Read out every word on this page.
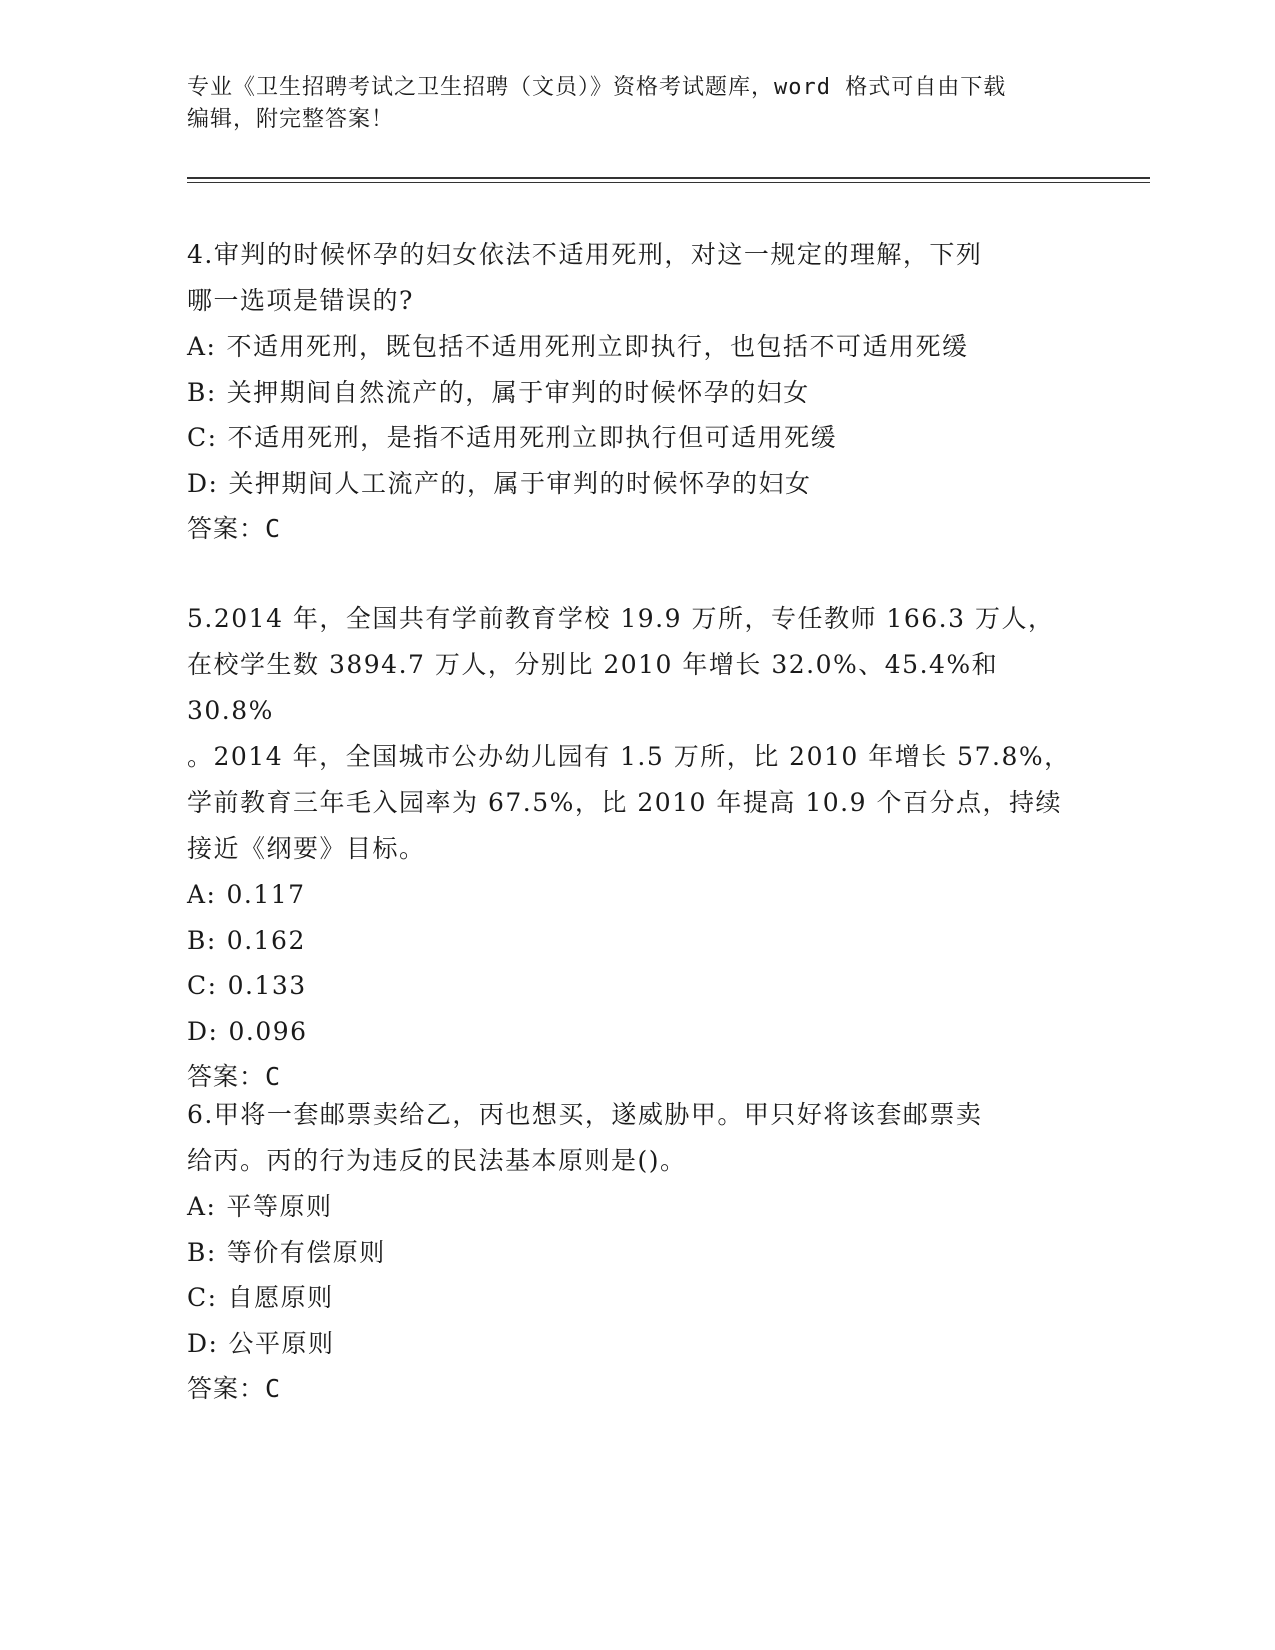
专业《卫生招聘考试之卫生招聘（文员）》资格考试题库，word 格式可自由下载
编辑，附完整答案！

4.审判的时候怀孕的妇女依法不适用死刑，对这一规定的理解，下列

哪一选项是错误的?

A: 不适用死刑，既包括不适用死刑立即执行，也包括不可适用死缓

B: 关押期间自然流产的，属于审判的时候怀孕的妇女

C: 不适用死刑，是指不适用死刑立即执行但可适用死缓

D: 关押期间人工流产的，属于审判的时候怀孕的妇女

答案：C

5.2014 年，全国共有学前教育学校 19.9 万所，专任教师 166.3 万人，

在校学生数 3894.7 万人，分别比 2010 年增长 32.0%、45.4%和 30.8%

。2014 年，全国城市公办幼儿园有 1.5 万所，比 2010 年增长 57.8%，

学前教育三年毛入园率为 67.5%，比 2010 年提高 10.9 个百分点，持续

接近《纲要》目标。

A: 0.117

B: 0.162

C: 0.133

D: 0.096

答案：C

6.甲将一套邮票卖给乙，丙也想买，遂威胁甲。甲只好将该套邮票卖

给丙。丙的行为违反的民法基本原则是()。

A: 平等原则

B: 等价有偿原则

C: 自愿原则

D: 公平原则

答案：C
